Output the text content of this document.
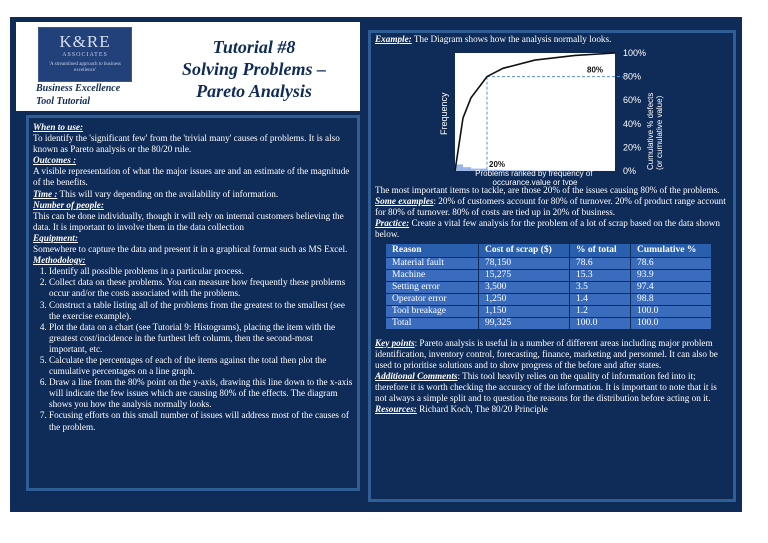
K&RE
ASSOCIATES
'A streamlined approach to business excellence'
Business Excellence
Tool Tutorial
Tutorial #8
Solving Problems –
Pareto Analysis

When to use:

To identify the 'significant few' from the 'trivial many' causes of problems. It is also known as Pareto analysis or the 80/20 rule.

Outcomes :

A visible representation of what the major issues are and an estimate of the magnitude of the benefits.

Time : This will vary depending on the availability of information.

Number of people:

This can be done individually, though it will rely on internal customers believing the data. It is important to involve them in the data collection

Equipment:

Somewhere to capture the data and present it in a graphical format such as MS Excel.

Methodology:

1. Identify all possible problems in a particular process.
2. Collect data on these problems. You can measure how frequently these problems occur and/or the costs associated with the problems.
3. Construct a table listing all of the problems from the greatest to the smallest (see the exercise example).
4. Plot the data on a chart (see Tutorial 9: Histograms), placing the item with the greatest cost/incidence in the furthest left column, then the second-most important, etc.
5. Calculate the percentages of each of the items against the total then plot the cumulative percentages on a line graph.
6. Draw a line from the 80% point on the y-axis, drawing this line down to the x-axis will indicate the few issues which are causing 80% of the effects. The diagram shows you how the analysis normally looks.
7. Focusing efforts on this small number of issues will address most of the causes of the problem.

Example: The Diagram shows how the analysis normally looks.

80%
20%
100%
80%
60%
40%
20%
0%
Frequency	Cumulative % defects (or cumulative value)
Problems ranked by frequency of occurance,value or type

The most important items to tackle, are those 20% of the issues causing 80% of the problems.

Some examples: 20% of customers account for 80% of turnover. 20% of product range account for 80% of turnover. 80% of costs are tied up in 20% of business.

Practice: Create a vital few analysis for the problem of a lot of scrap based on the data shown below.

Reason	Cost of scrap ($)	% of total	Cumulative %
Material fault	78,150	78.6	78.6
Machine	15,275	15.3	93.9
Setting error	3,500	3.5	97.4
Operator error	1,250	1.4	98.8
Tool breakage	1,150	1.2	100.0
Total	99,325	100.0	100.0

Key points: Pareto analysis is useful in a number of different areas including major problem identification, inventory control, forecasting, finance, marketing and personnel. It can also be used to prioritise solutions and to show progress of the before and after states.

Additional Comments: This tool heavily relies on the quality of information fed into it; therefore it is worth checking the accuracy of the information. It is important to note that it is not always a simple split and to question the reasons for the distribution before acting on it.

Resources: Richard Koch, The 80/20 Principle
